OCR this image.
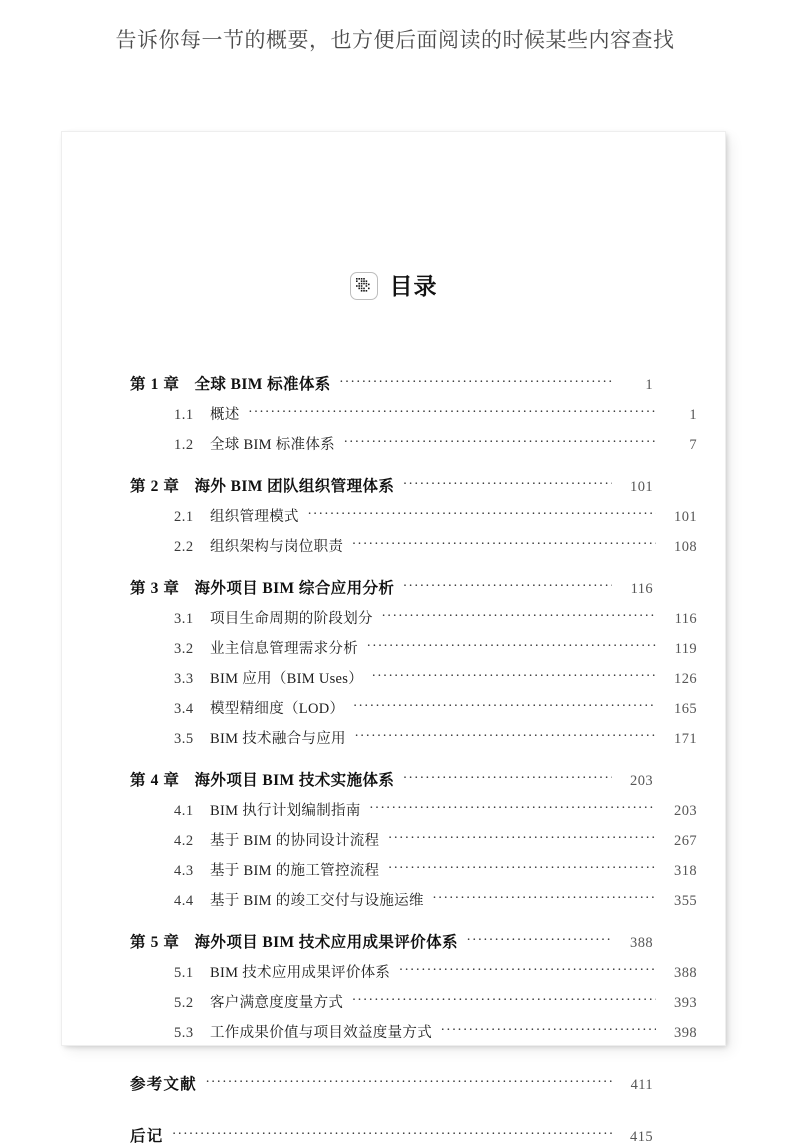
告诉你每一节的概要，也方便后面阅读的时候某些内容查找
目录
第 1 章 全球 BIM 标准体系 .....	1
1.1	概述 .....	1
1.2	全球 BIM 标准体系 .....	7
第 2 章 海外 BIM 团队组织管理体系 .....	101
2.1	组织管理模式 .....	101
2.2	组织架构与岗位职责 .....	108
第 3 章 海外项目 BIM 综合应用分析 .....	116
3.1	项目生命周期的阶段划分 .....	116
3.2	业主信息管理需求分析 .....	119
3.3	BIM 应用（BIM Uses） .....	126
3.4	模型精细度（LOD） .....	165
3.5	BIM 技术融合与应用 .....	171
第 4 章 海外项目 BIM 技术实施体系 .....	203
4.1	BIM 执行计划编制指南 .....	203
4.2	基于 BIM 的协同设计流程 .....	267
4.3	基于 BIM 的施工管控流程 .....	318
4.4	基于 BIM 的竣工交付与设施运维 .....	355
第 5 章 海外项目 BIM 技术应用成果评价体系 .....	388
5.1	BIM 技术应用成果评价体系 .....	388
5.2	客户满意度度量方式 .....	393
5.3	工作成果价值与项目效益度量方式 .....	398
参考文献 .....	411
后记 .....	415
